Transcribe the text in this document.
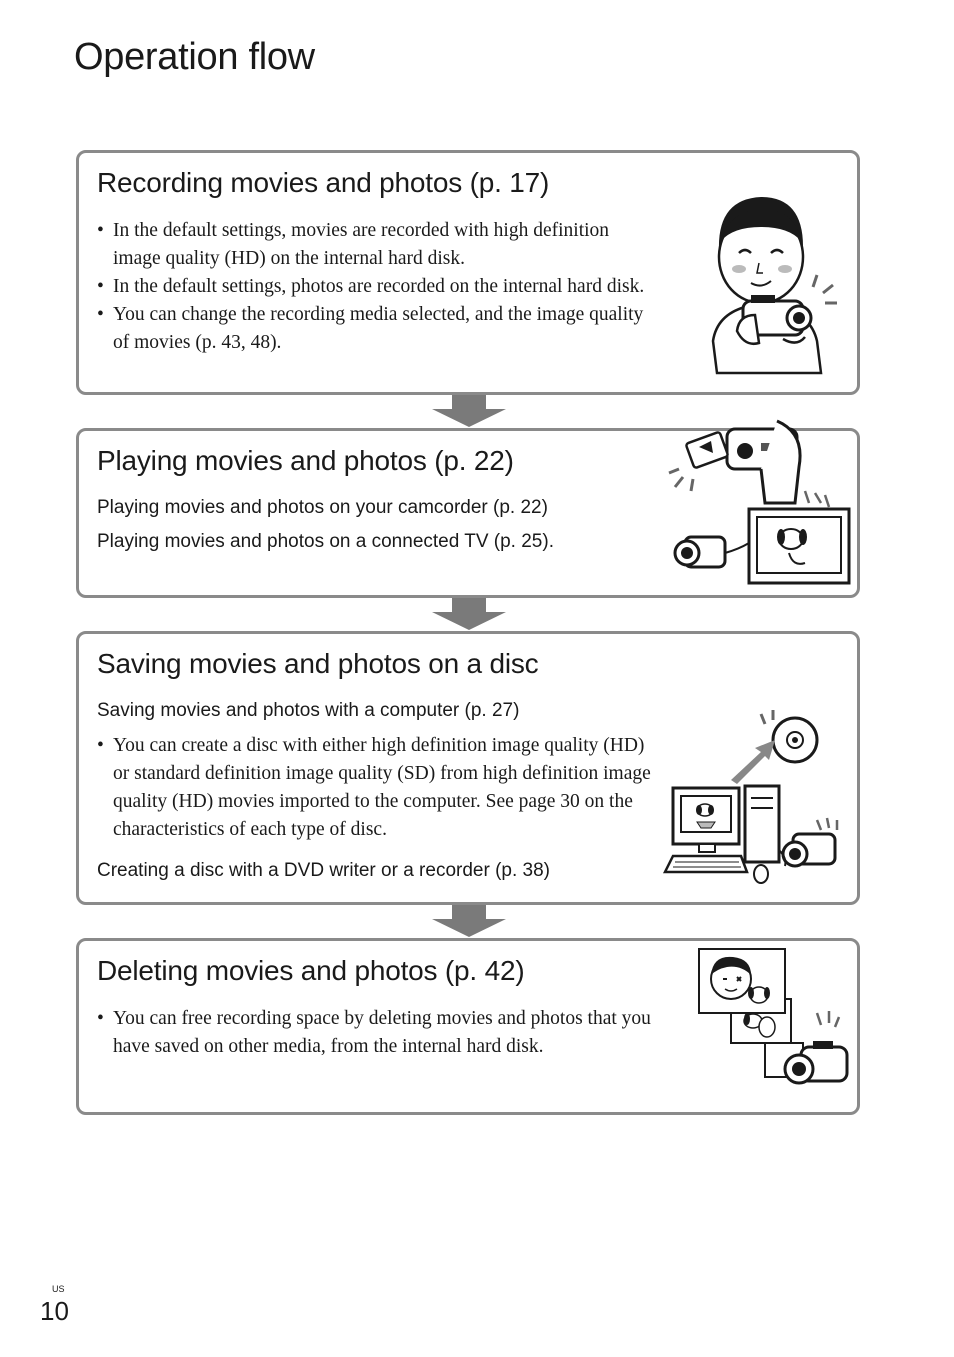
Operation flow
Recording movies and photos (p. 17)
• In the default settings, movies are recorded with high definition image quality (HD) on the internal hard disk.
• In the default settings, photos are recorded on the internal hard disk.
• You can change the recording media selected, and the image quality of movies (p. 43, 48).
Playing movies and photos (p. 22)

Playing movies and photos on your camcorder (p. 22)

Playing movies and photos on a connected TV (p. 25).

Saving movies and photos on a disc

Saving movies and photos with a computer (p. 27)

• You can create a disc with either high definition image quality (HD) or standard definition image quality (SD) from high definition image quality (HD) movies imported to the computer. See page 30 on the characteristics of each type of disc.

Creating a disc with a DVD writer or a recorder (p. 38)

Deleting movies and photos (p. 42)
• You can free recording space by deleting movies and photos that you have saved on other media, from the internal hard disk.
US
10
